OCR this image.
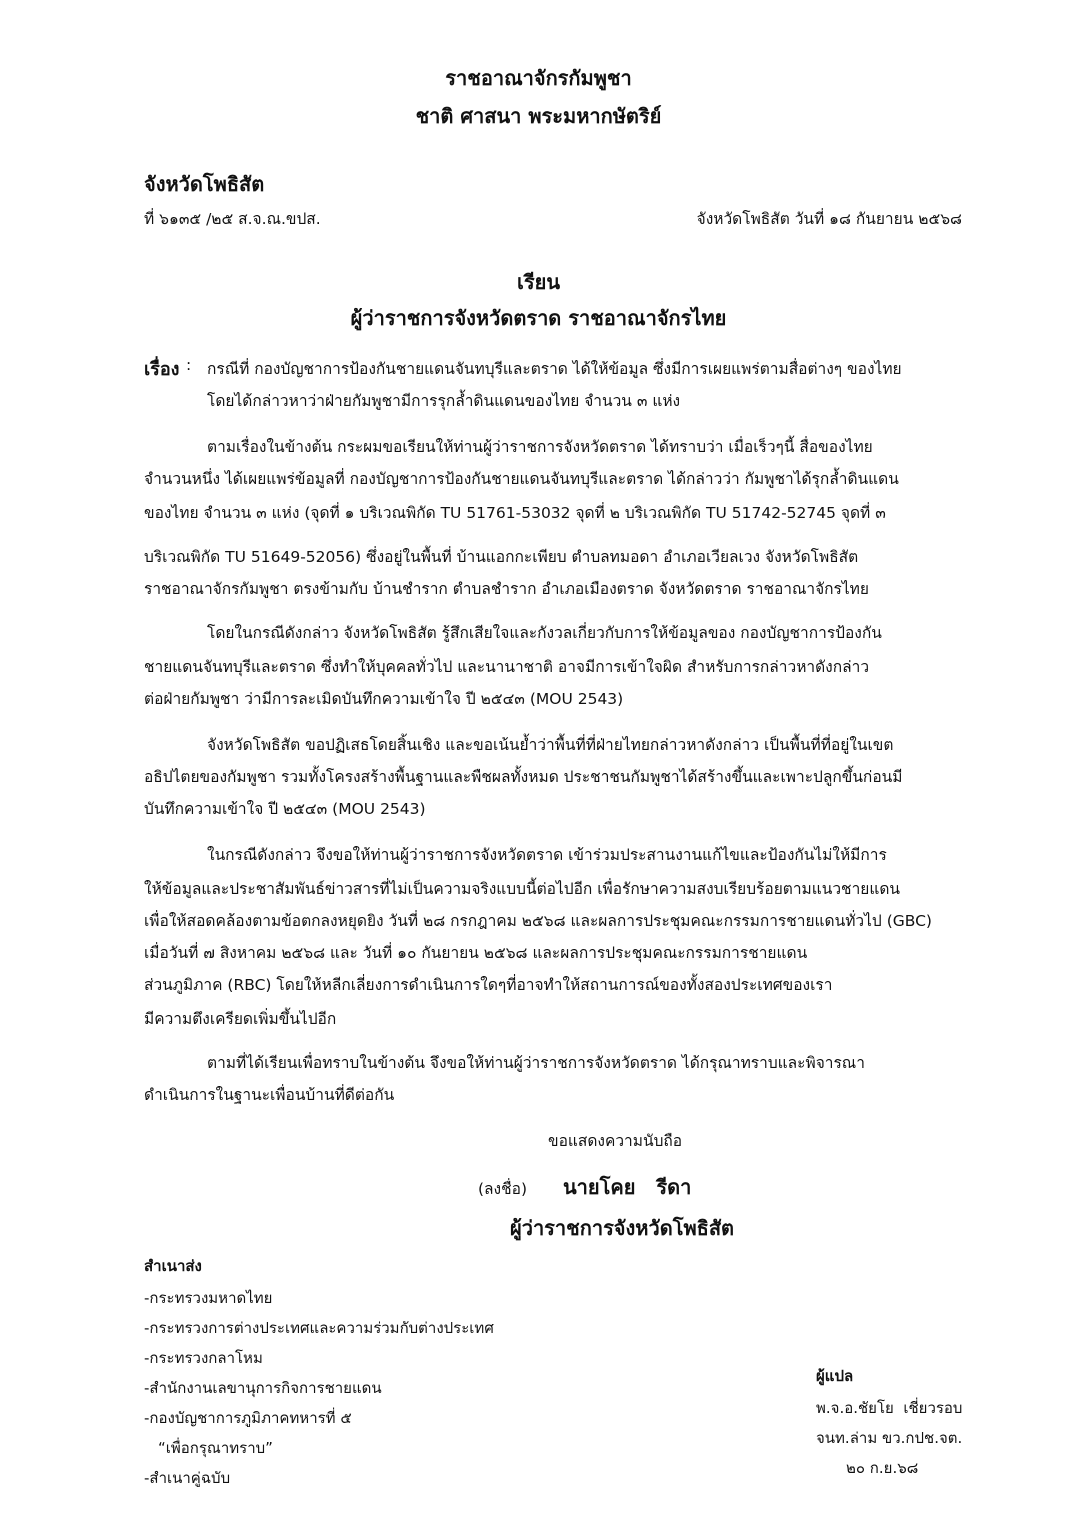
ราชอาณาจักรกัมพูชา
ชาติ ศาสนา พระมหากษัตริย์
จังหวัดโพธิสัต
ที่ ๖๑๓๕ /๒๕ ส.จ.ณ.ขปส.	จังหวัดโพธิสัต วันที่ ๑๘ กันยายน ๒๕๖๘
เรียน
ผู้ว่าราชการจังหวัดตราด ราชอาณาจักรไทย
เรื่อง : กรณีที่ กองบัญชาการป้องกันชายแดนจันทบุรีและตราด ได้ให้ข้อมูล ซึ่งมีการเผยแพร่ตามสื่อต่างๆ ของไทย
โดยได้กล่าวหาว่าฝ่ายกัมพูชามีการรุกล้ำดินแดนของไทย จำนวน ๓ แห่ง
ตามเรื่องในข้างต้น กระผมขอเรียนให้ท่านผู้ว่าราชการจังหวัดตราด ได้ทราบว่า เมื่อเร็วๆนี้ สื่อของไทย
จำนวนหนึ่ง ได้เผยแพร่ข้อมูลที่ กองบัญชาการป้องกันชายแดนจันทบุรีและตราด ได้กล่าวว่า กัมพูชาได้รุกล้ำดินแดน
ของไทย จำนวน ๓ แห่ง (จุดที่ ๑ บริเวณพิกัด TU 51761-53032 จุดที่ ๒ บริเวณพิกัด TU 51742-52745 จุดที่ ๓
บริเวณพิกัด TU 51649-52056) ซึ่งอยู่ในพื้นที่ บ้านแอกกะเพียบ ตำบลทมอดา อำเภอเวียลเวง จังหวัดโพธิสัต
ราชอาณาจักรกัมพูชา ตรงข้ามกับ บ้านชำราก ตำบลชำราก อำเภอเมืองตราด จังหวัดตราด ราชอาณาจักรไทย
โดยในกรณีดังกล่าว จังหวัดโพธิสัต รู้สึกเสียใจและกังวลเกี่ยวกับการให้ข้อมูลของ กองบัญชาการป้องกัน
ชายแดนจันทบุรีและตราด ซึ่งทำให้บุคคลทั่วไป และนานาชาติ อาจมีการเข้าใจผิด สำหรับการกล่าวหาดังกล่าว
ต่อฝ่ายกัมพูชา ว่ามีการละเมิดบันทึกความเข้าใจ ปี ๒๕๔๓ (MOU 2543)
จังหวัดโพธิสัต ขอปฏิเสธโดยสิ้นเชิง และขอเน้นย้ำว่าพื้นที่ที่ฝ่ายไทยกล่าวหาดังกล่าว เป็นพื้นที่ที่อยู่ในเขต
อธิปไตยของกัมพูชา รวมทั้งโครงสร้างพื้นฐานและพืชผลทั้งหมด ประชาชนกัมพูชาได้สร้างขึ้นและเพาะปลูกขึ้นก่อนมี
บันทึกความเข้าใจ ปี ๒๕๔๓ (MOU 2543)
ในกรณีดังกล่าว จึงขอให้ท่านผู้ว่าราชการจังหวัดตราด เข้าร่วมประสานงานแก้ไขและป้องกันไม่ให้มีการ
ให้ข้อมูลและประชาสัมพันธ์ข่าวสารที่ไม่เป็นความจริงแบบนี้ต่อไปอีก เพื่อรักษาความสงบเรียบร้อยตามแนวชายแดน
เพื่อให้สอดคล้องตามข้อตกลงหยุดยิง วันที่ ๒๘ กรกฎาคม ๒๕๖๘ และผลการประชุมคณะกรรมการชายแดนทั่วไป (GBC)
เมื่อวันที่ ๗ สิงหาคม ๒๕๖๘ และ วันที่ ๑๐ กันยายน ๒๕๖๘ และผลการประชุมคณะกรรมการชายแดน
ส่วนภูมิภาค (RBC) โดยให้หลีกเลี่ยงการดำเนินการใดๆที่อาจทำให้สถานการณ์ของทั้งสองประเทศของเรา
มีความตึงเครียดเพิ่มขึ้นไปอีก
ตามที่ได้เรียนเพื่อทราบในข้างต้น จึงขอให้ท่านผู้ว่าราชการจังหวัดตราด ได้กรุณาทราบและพิจารณา
ดำเนินการในฐานะเพื่อนบ้านที่ดีต่อกัน
ขอแสดงความนับถือ
(ลงชื่อ) นายโคย   รีดา
ผู้ว่าราชการจังหวัดโพธิสัต
สำเนาส่ง
-กระทรวงมหาดไทย
-กระทรวงการต่างประเทศและความร่วมกับต่างประเทศ
-กระทรวงกลาโหม
-สำนักงานเลขานุการกิจการชายแดน
-กองบัญชาการภูมิภาคทหารที่ ๕
“เพื่อกรุณาทราบ”
-สำเนาคู่ฉบับ
ผู้แปล
พ.จ.อ.ชัยโย  เชี่ยวรอบ
จนท.ล่าม ขว.กปช.จต.
๒๐ ก.ย.๖๘
